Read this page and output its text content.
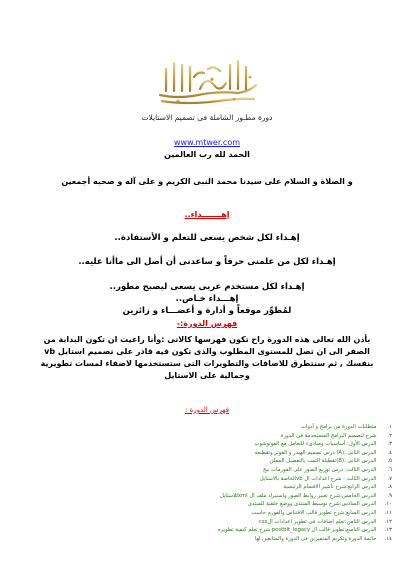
بسم الله الرحمن الرحيم
دورة مطـور الشاملة فى تصميم الاستايلات
www.mtwer.com
الحمد لله رب العالمين
و الصلاة و السلام على سيدنا محمد النبى الكريم و على آله و صحبه أجمعين
إهـــــــداء..
إهـداء لكل شخص يسعى للتعلم و الأستفادة..
إهـداء لكل من علمنى حرفاً و ساعدنى أن أصل الى ماأنا عليه..
إهـداء لكل مستخدم عربى يسعى ليصبح مطور..
إهـــداء خـاص..
لمُطوِّر موقعاً و أدارة و أعضـــاء و زائرين
فهرس الدورة:-
بأذن الله تعالى هذه الدورة راح تكون فهرسها كالاتى :وأنا راعيت ان تكون البداية من الصفر الى ان تصل للمستوى المطلوب والذى تكون فيه قادر على تصميم استايل vb بنفسك , ثم سنتطرق للاضافات والتطويرات التى ستستخدمها لاضفاء لمسات تطويرية وجمالية على الاستايل
فهرس الدورة :
١. متطلبات الدورة من برامج و أدوات
٢. شرح لتصميم البرامج المستخدمة فى الدورة
٣. الدرس الأول: أساسيات ومبادىء للتعامل مع الفوتوشوب
٤. الدرس الثانى :(A) درس تصميم الهيدر و الفوتر وتقطيعه
٥. الدرس الثانى :(B)تقطيلة التمت بالتفصيل المملن
٦. الدرس الثالث: درس توزيع الصور على الفورمات بيج
٧. الدرس الثالث : شرح اعدادات ال vbالخاصة بالاستايل
٨. الدرس الرابع:شرح تأشير الاقسام الرئيسية
٩. الدرس الخامس:شرح تغيير روابط الصور واستيراد ملف ال xmlللاستايل
١٠. الدرس السادس:شرح توسيط المنتدى ووضع خلفية للمنتدى
١١. الدرس السابع:شرح تطوير قالب الاقتباس والفورم حاسب
١٢. الدرس الثامن:تعلم اضافات فى تطوير اعدادات الcss
١٣. الدرس التاسع:تطوير قالب ال postbit_legacy شرح تعلم كيفية تطويره
١٤. خاتمة الدورة وتكريم المتميزين فى الدورة والمتابعين لها
